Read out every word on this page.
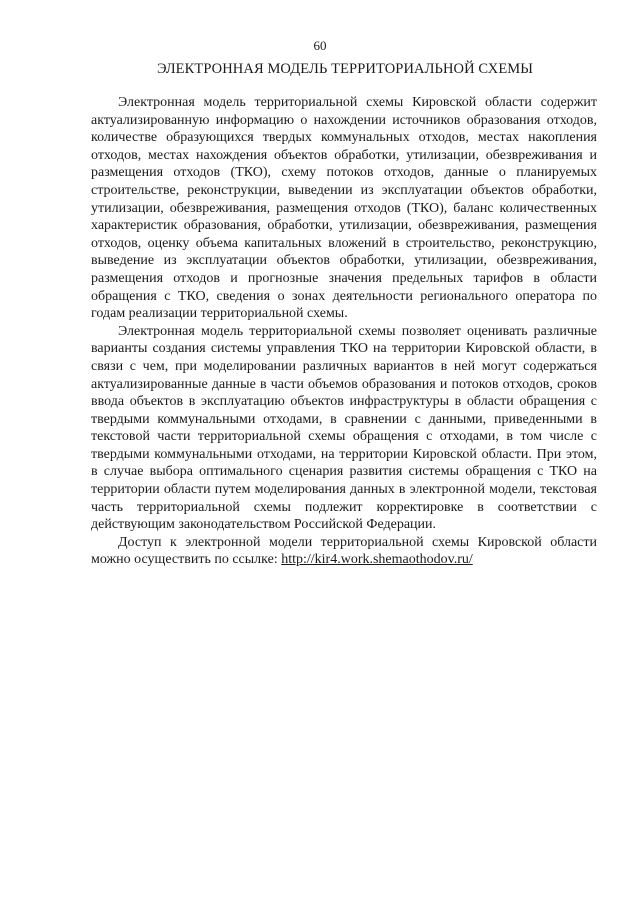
60
ЭЛЕКТРОННАЯ МОДЕЛЬ ТЕРРИТОРИАЛЬНОЙ СХЕМЫ

Электронная модель территориальной схемы Кировской области содержит актуализированную информацию о нахождении источников образования отходов, количестве образующихся твердых коммунальных отходов, местах накопления отходов, местах нахождения объектов обработки, утилизации, обезвреживания и размещения отходов (ТКО), схему потоков отходов, данные о планируемых строительстве, реконструкции, выведении из эксплуатации объектов обработки, утилизации, обезвреживания, размещения отходов (ТКО), баланс количественных характеристик образования, обработки, утилизации, обезвреживания, размещения отходов, оценку объема капитальных вложений в строительство, реконструкцию, выведение из эксплуатации объектов обработки, утилизации, обезвреживания, размещения отходов и прогнозные значения предельных тарифов в области обращения с ТКО, сведения о зонах деятельности регионального оператора по годам реализации территориальной схемы.

Электронная модель территориальной схемы позволяет оценивать различные варианты создания системы управления ТКО на территории Кировской области, в связи с чем, при моделировании различных вариантов в ней могут содержаться актуализированные данные в части объемов образования и потоков отходов, сроков ввода объектов в эксплуатацию объектов инфраструктуры в области обращения с твердыми коммунальными отходами, в сравнении с данными, приведенными в текстовой части территориальной схемы обращения с отходами, в том числе с твердыми коммунальными отходами, на территории Кировской области. При этом, в случае выбора оптимального сценария развития системы обращения с ТКО на территории области путем моделирования данных в электронной модели, текстовая часть территориальной схемы подлежит корректировке в соответствии с действующим законодательством Российской Федерации.

Доступ к электронной модели территориальной схемы Кировской области можно осуществить по ссылке: http://kir4.work.shemaothodov.ru/
